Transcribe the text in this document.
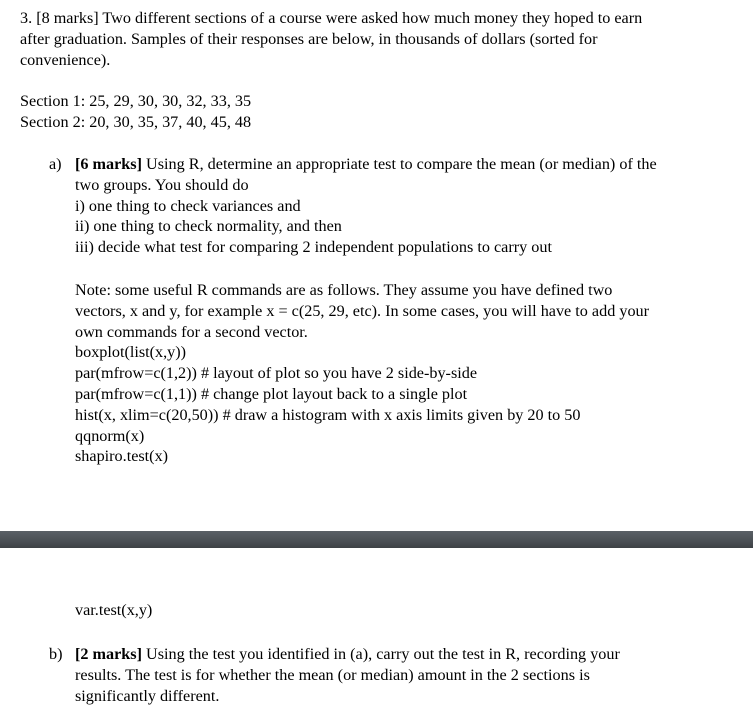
3. [8 marks] Two different sections of a course were asked how much money they hoped to earn
after graduation. Samples of their responses are below, in thousands of dollars (sorted for
convenience).
Section 1: 25, 29, 30, 30, 32, 33, 35
Section 2: 20, 30, 35, 37, 40, 45, 48
a) [6 marks] Using R, determine an appropriate test to compare the mean (or median) of the
two groups. You should do
i) one thing to check variances and
ii) one thing to check normality, and then
iii) decide what test for comparing 2 independent populations to carry out
Note: some useful R commands are as follows. They assume you have defined two
vectors, x and y, for example x = c(25, 29, etc). In some cases, you will have to add your
own commands for a second vector.
boxplot(list(x,y))
par(mfrow=c(1,2)) # layout of plot so you have 2 side-by-side
par(mfrow=c(1,1)) # change plot layout back to a single plot
hist(x, xlim=c(20,50)) # draw a histogram with x axis limits given by 20 to 50
qqnorm(x)
shapiro.test(x)
var.test(x,y)
b) [2 marks] Using the test you identified in (a), carry out the test in R, recording your
results. The test is for whether the mean (or median) amount in the 2 sections is
significantly different.
